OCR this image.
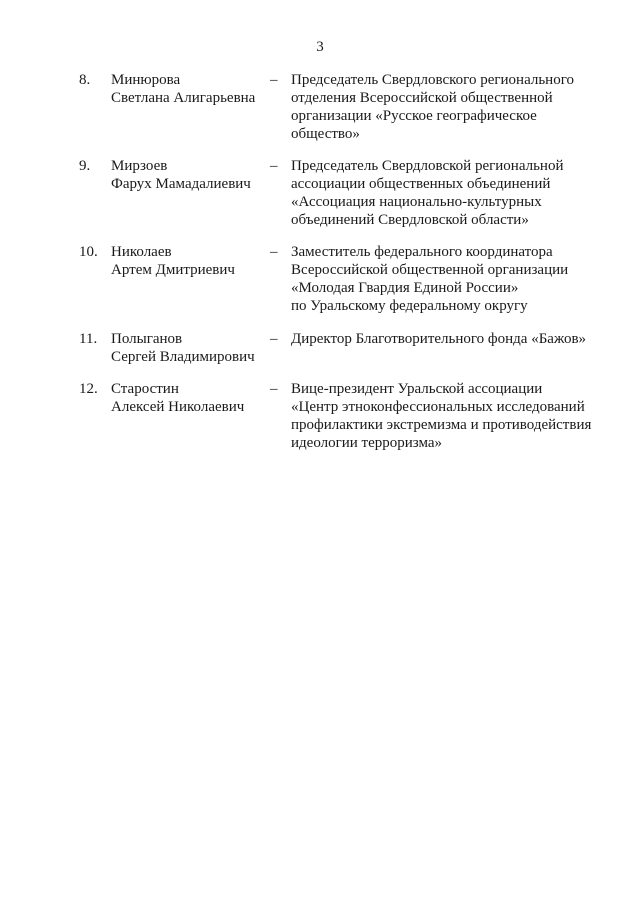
3
8. Минюрова
Светлана Алигарьевна
– Председатель Свердловского регионального
отделения Всероссийской общественной
организации «Русское географическое
общество»
9. Мирзоев
Фарух Мамадалиевич
– Председатель Свердловской региональной
ассоциации общественных объединений
«Ассоциация национально-культурных
объединений Свердловской области»
10. Николаев
Артем Дмитриевич
– Заместитель федерального координатора
Всероссийской общественной организации
«Молодая Гвардия Единой России»
по Уральскому федеральному округу
11. Полыганов
Сергей Владимирович
– Директор Благотворительного фонда «Бажов»
12. Старостин
Алексей Николаевич
– Вице-президент Уральской ассоциации
«Центр этноконфессиональных исследований
профилактики экстремизма и противодействия
идеологии терроризма»
